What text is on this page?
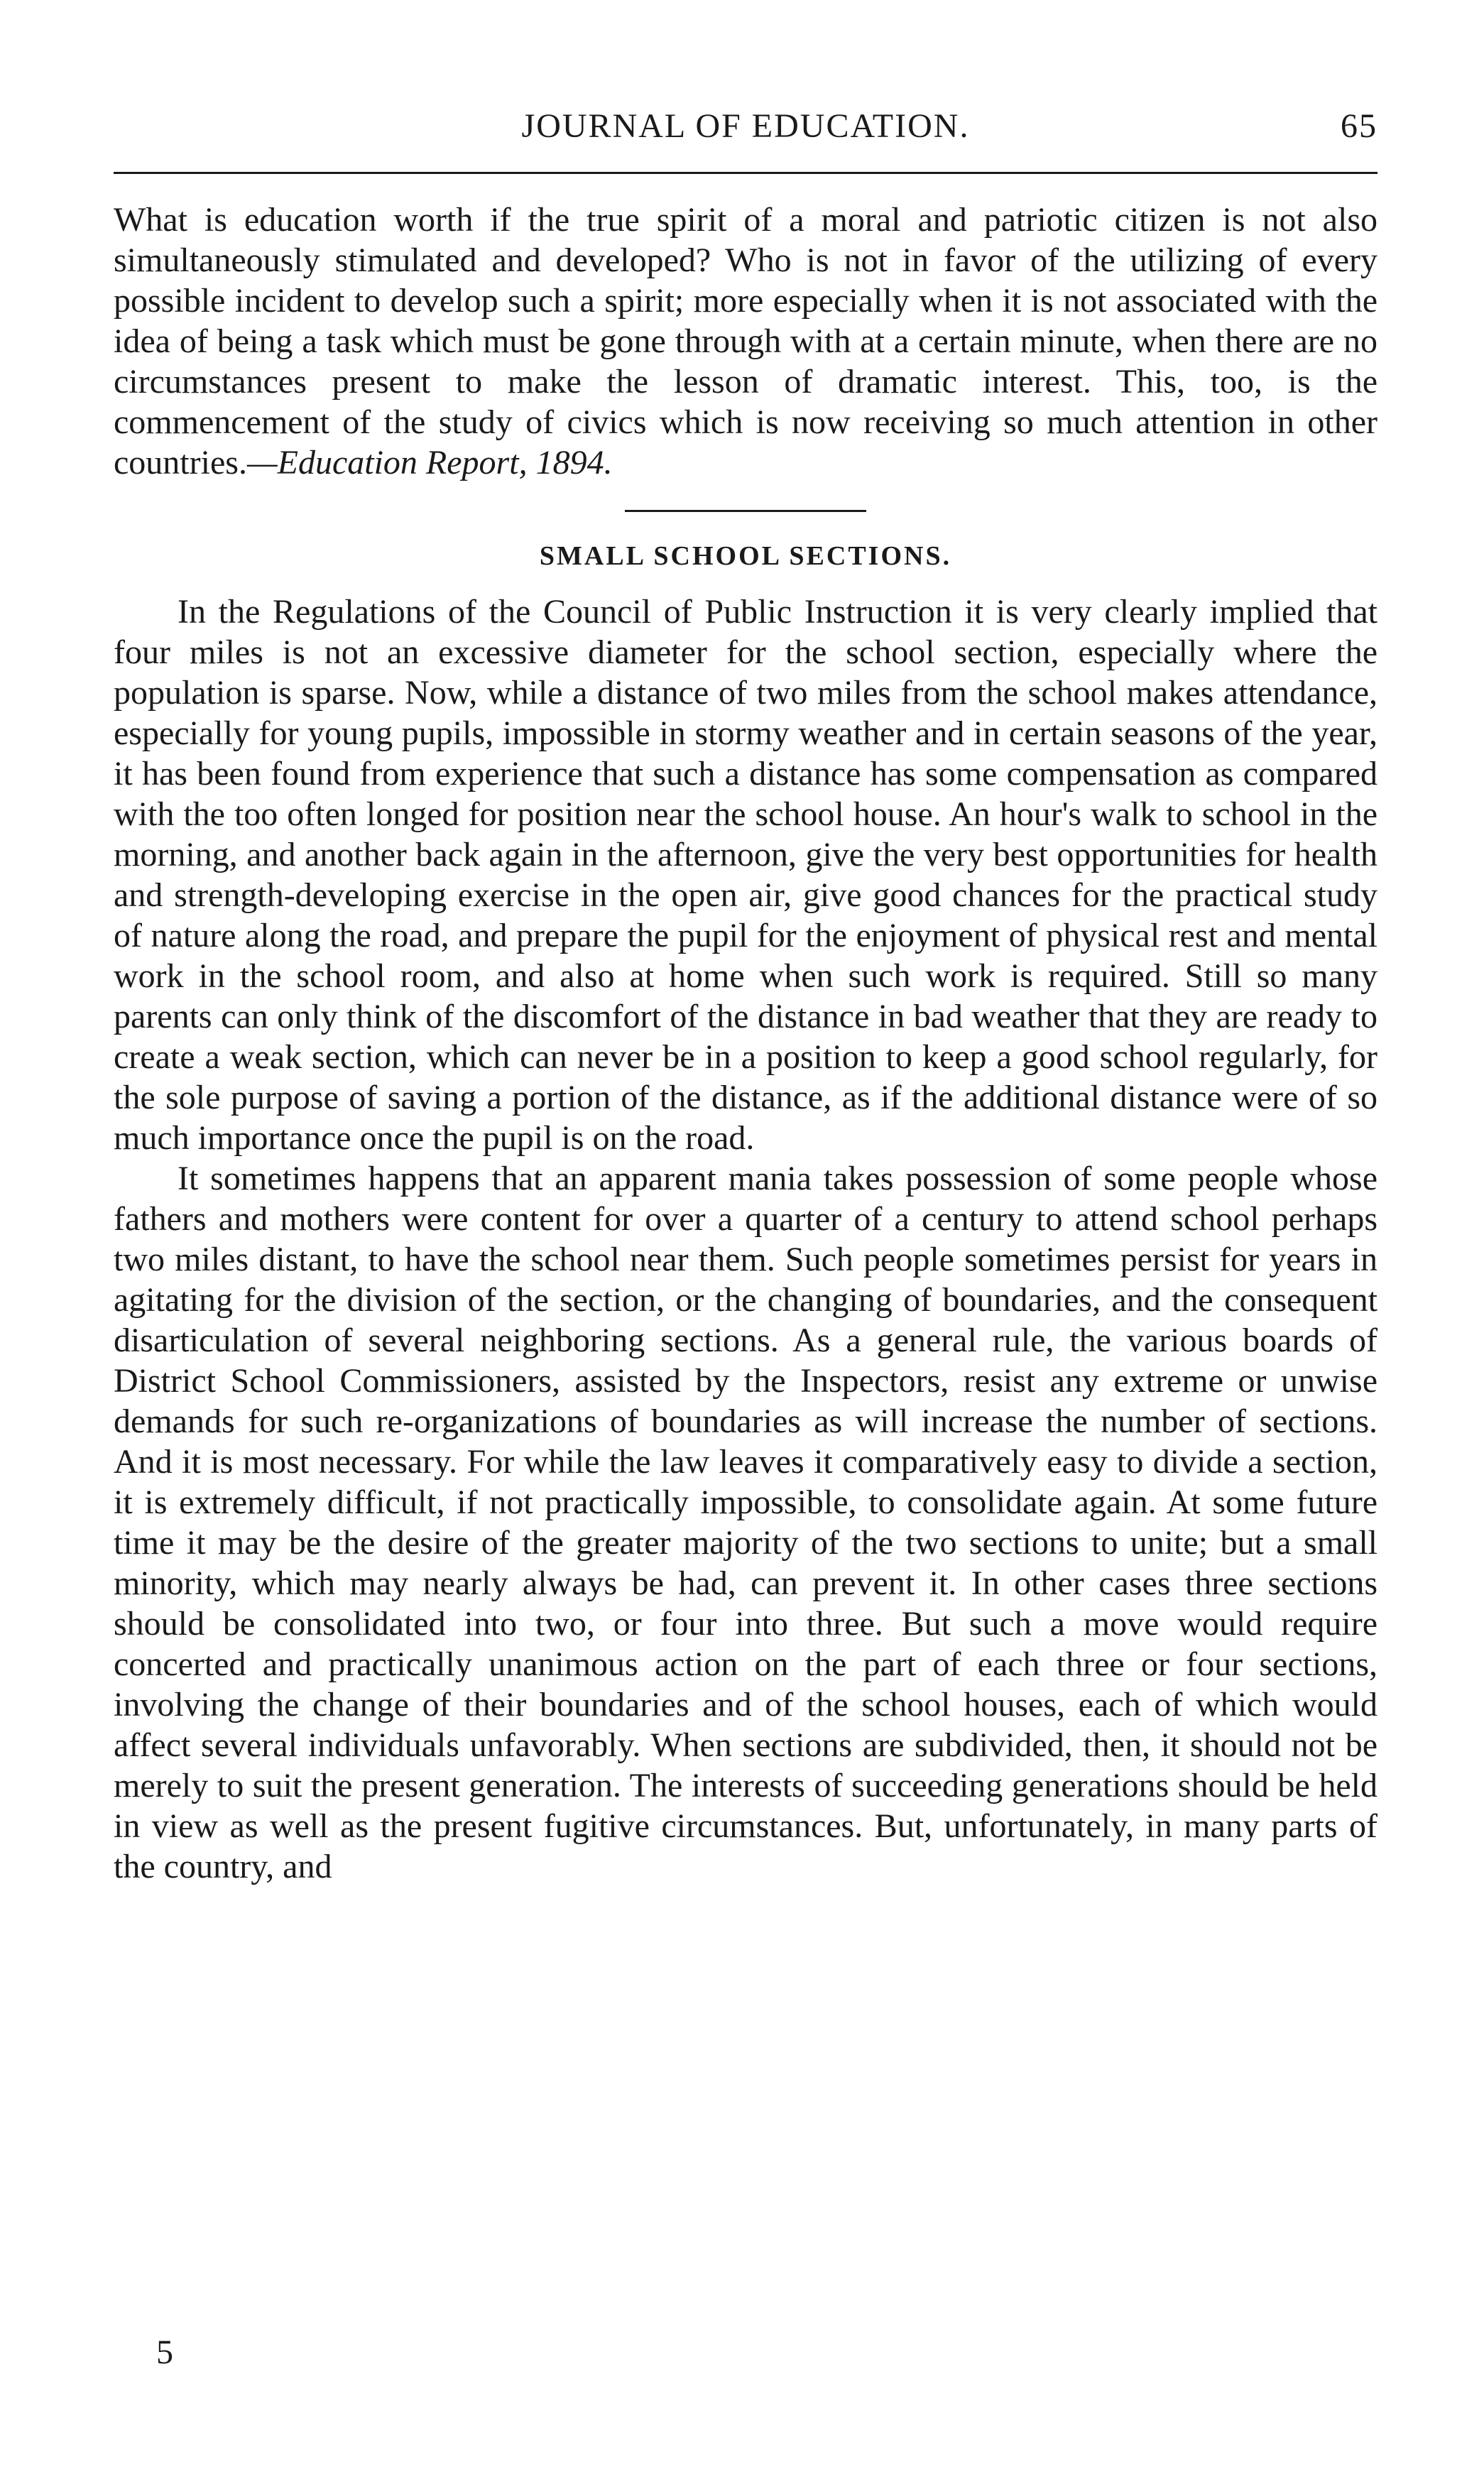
JOURNAL OF EDUCATION.	65

What is education worth if the true spirit of a moral and patriotic citizen is not also simultaneously stimulated and developed? Who is not in favor of the utilizing of every possible incident to develop such a spirit; more especially when it is not associated with the idea of being a task which must be gone through with at a certain minute, when there are no circumstances present to make the lesson of dramatic interest. This, too, is the commencement of the study of civics which is now receiving so much attention in other countries.—Education Report, 1894.

SMALL SCHOOL SECTIONS.

In the Regulations of the Council of Public Instruction it is very clearly implied that four miles is not an excessive diameter for the school section, especially where the population is sparse. Now, while a distance of two miles from the school makes attendance, especially for young pupils, impossible in stormy weather and in certain seasons of the year, it has been found from experience that such a distance has some compensation as compared with the too often longed for position near the school house. An hour's walk to school in the morning, and another back again in the afternoon, give the very best opportunities for health and strength-developing exercise in the open air, give good chances for the practical study of nature along the road, and prepare the pupil for the enjoyment of physical rest and mental work in the school room, and also at home when such work is required. Still so many parents can only think of the discomfort of the distance in bad weather that they are ready to create a weak section, which can never be in a position to keep a good school regularly, for the sole purpose of saving a portion of the distance, as if the additional distance were of so much importance once the pupil is on the road.

It sometimes happens that an apparent mania takes possession of some people whose fathers and mothers were content for over a quarter of a century to attend school perhaps two miles distant, to have the school near them. Such people sometimes persist for years in agitating for the division of the section, or the changing of boundaries, and the consequent disarticulation of several neighboring sections. As a general rule, the various boards of District School Commissioners, assisted by the Inspectors, resist any extreme or unwise demands for such re-organizations of boundaries as will increase the number of sections. And it is most necessary. For while the law leaves it comparatively easy to divide a section, it is extremely difficult, if not practically impossible, to consolidate again. At some future time it may be the desire of the greater majority of the two sections to unite; but a small minority, which may nearly always be had, can prevent it. In other cases three sections should be consolidated into two, or four into three. But such a move would require concerted and practically unanimous action on the part of each three or four sections, involving the change of their boundaries and of the school houses, each of which would affect several individuals unfavorably. When sections are subdivided, then, it should not be merely to suit the present generation. The interests of succeeding generations should be held in view as well as the present fugitive circumstances. But, unfortunately, in many parts of the country, and

5
